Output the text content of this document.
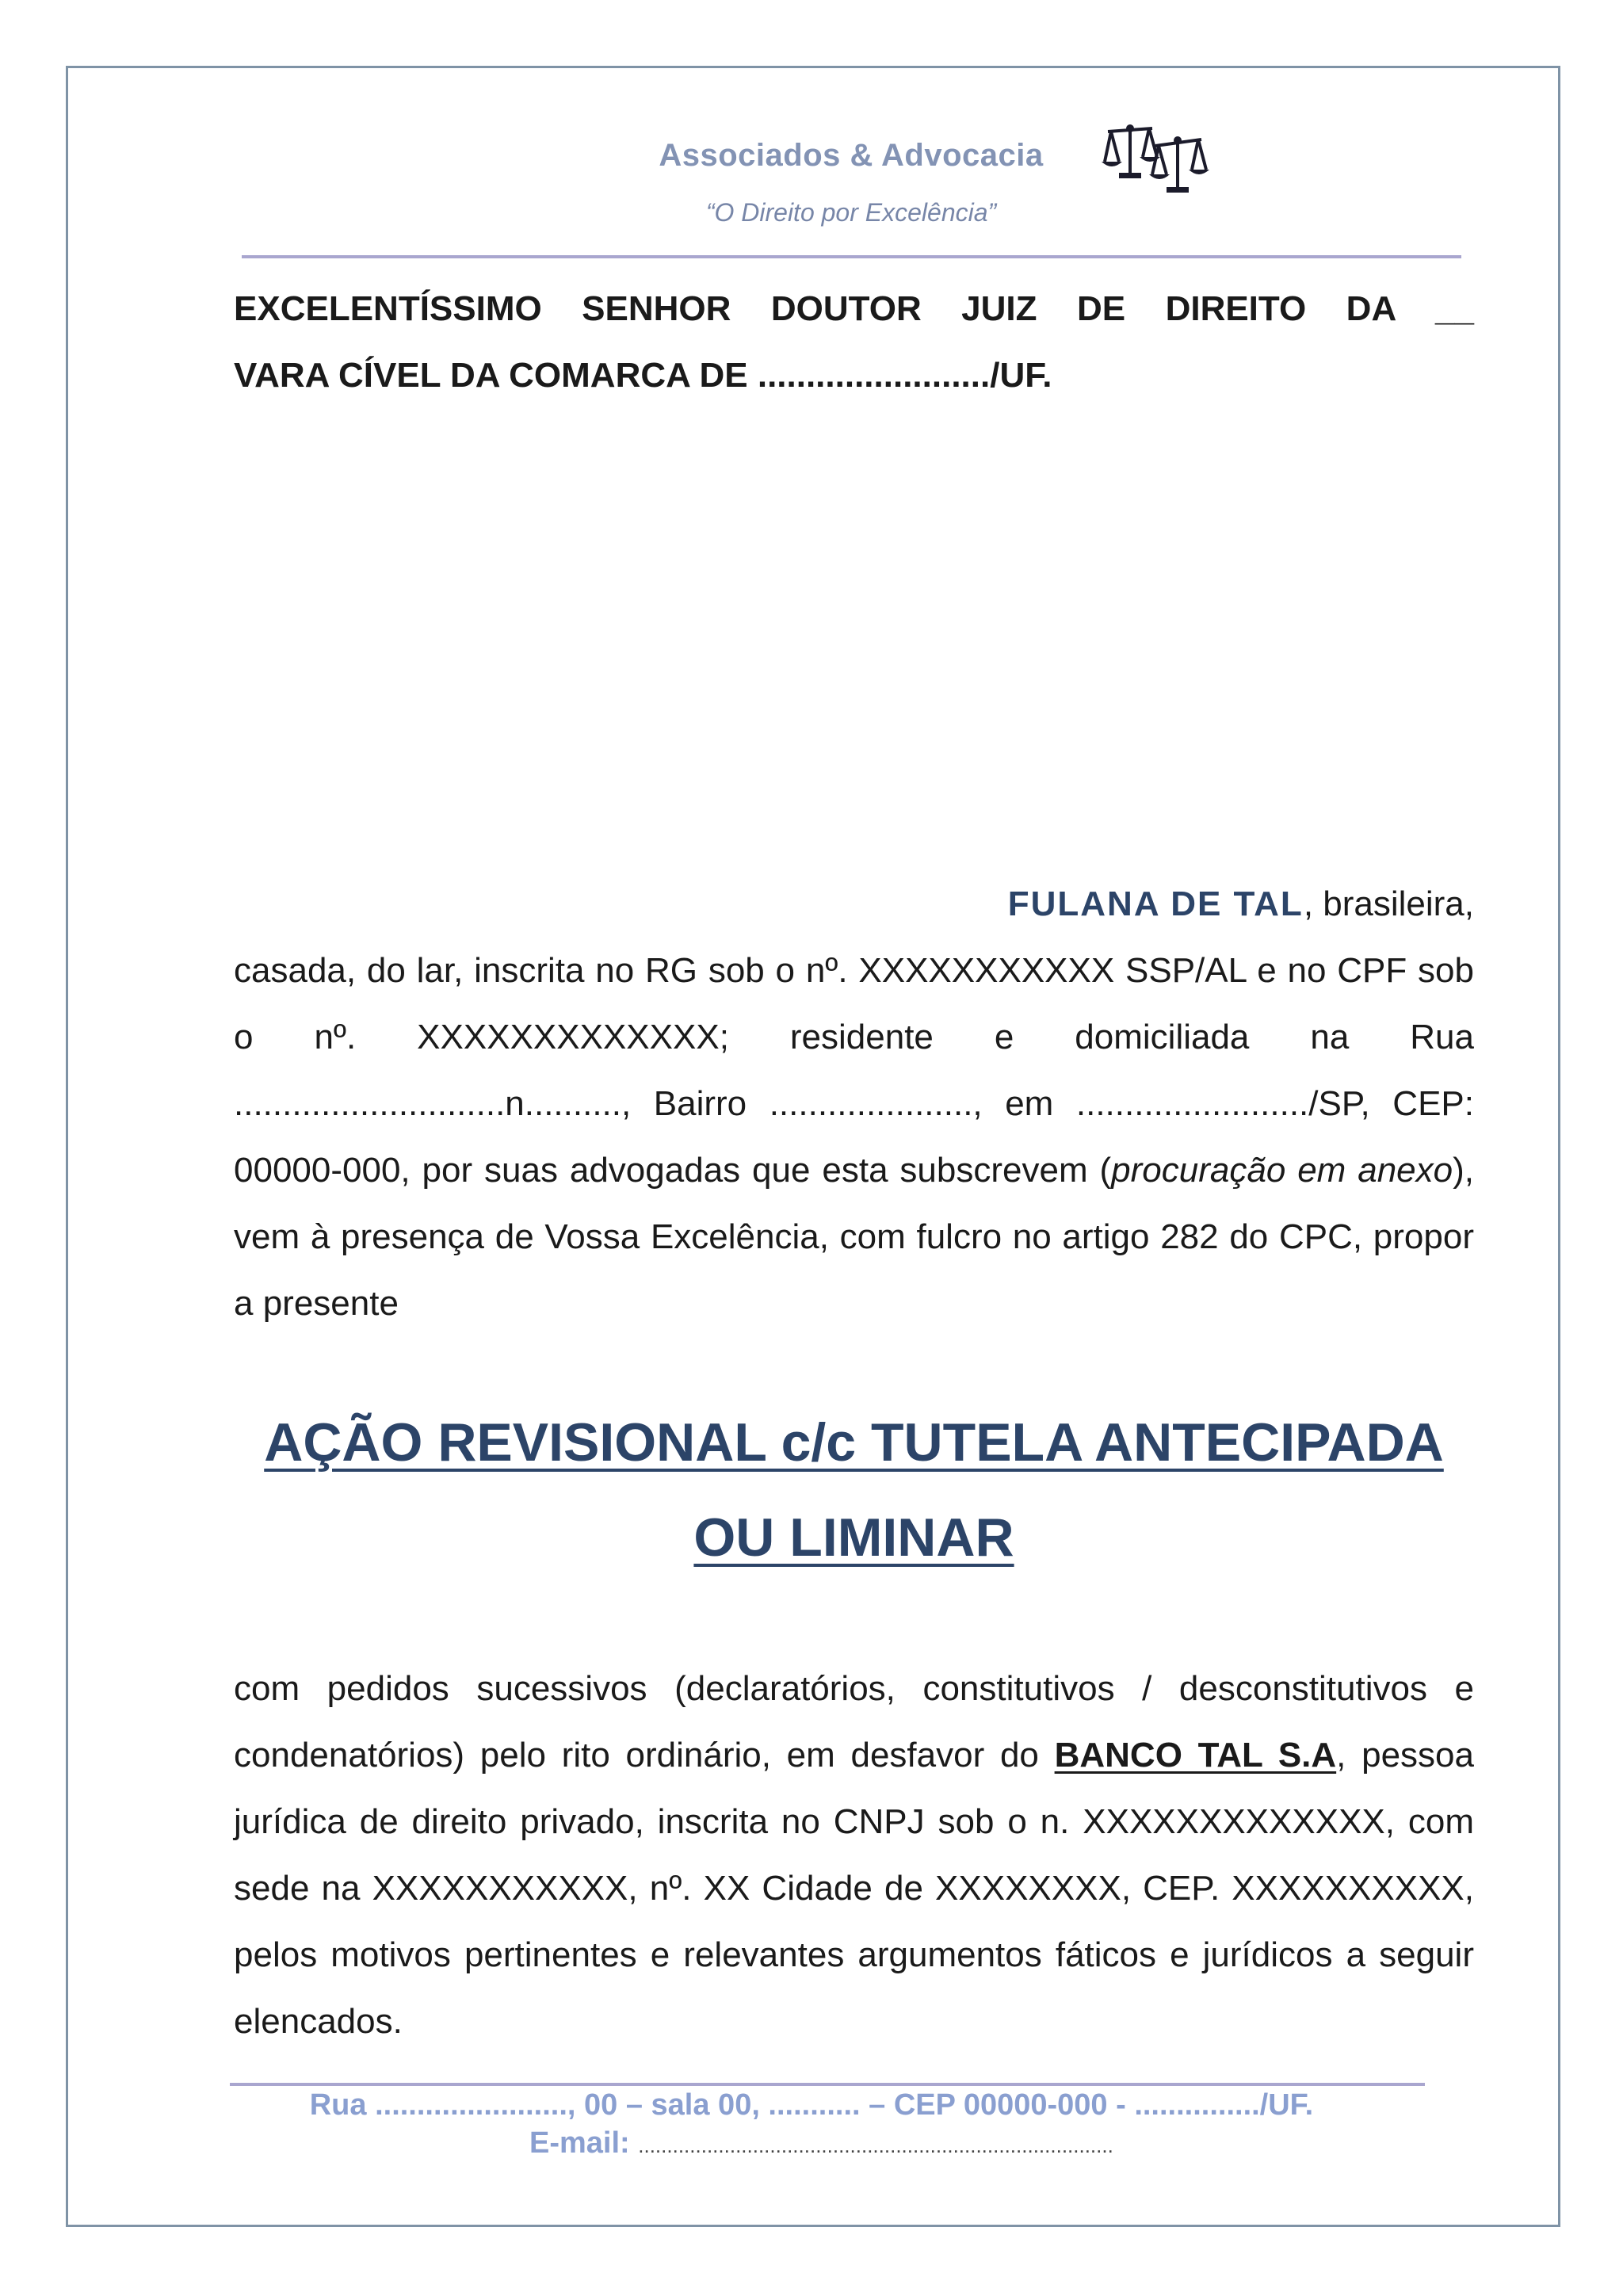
Associados & Advocacia
“O Direito por Excelência”
EXCELENTÍSSIMO SENHOR DOUTOR JUIZ DE DIREITO DA __
VARA CÍVEL DA COMARCA DE ......................../UF.
FULANA DE TAL, brasileira,
casada, do lar, inscrita no RG sob o nº. XXXXXXXXXXX SSP/AL e no CPF sob o nº. XXXXXXXXXXXXX; residente e domiciliada na Rua ............................n.........., Bairro ....................., em ......................../SP, CEP: 00000-000, por suas advogadas que esta subscrevem (procuração em anexo), vem à presença de Vossa Excelência, com fulcro no artigo 282 do CPC, propor a presente
AÇÃO REVISIONAL c/c TUTELA ANTECIPADA
OU LIMINAR
com pedidos sucessivos (declaratórios, constitutivos / desconstitutivos e condenatórios) pelo rito ordinário, em desfavor do BANCO TAL S.A, pessoa jurídica de direito privado, inscrita no CNPJ sob o n. XXXXXXXXXXXXX, com sede na XXXXXXXXXXX, nº. XX Cidade de XXXXXXXX, CEP. XXXXXXXXXX, pelos motivos pertinentes e relevantes argumentos fáticos e jurídicos a seguir elencados.
Rua ......................., 00 – sala 00, ........... – CEP 00000-000 - .............../UF.
E-mail: ...................................................................................
